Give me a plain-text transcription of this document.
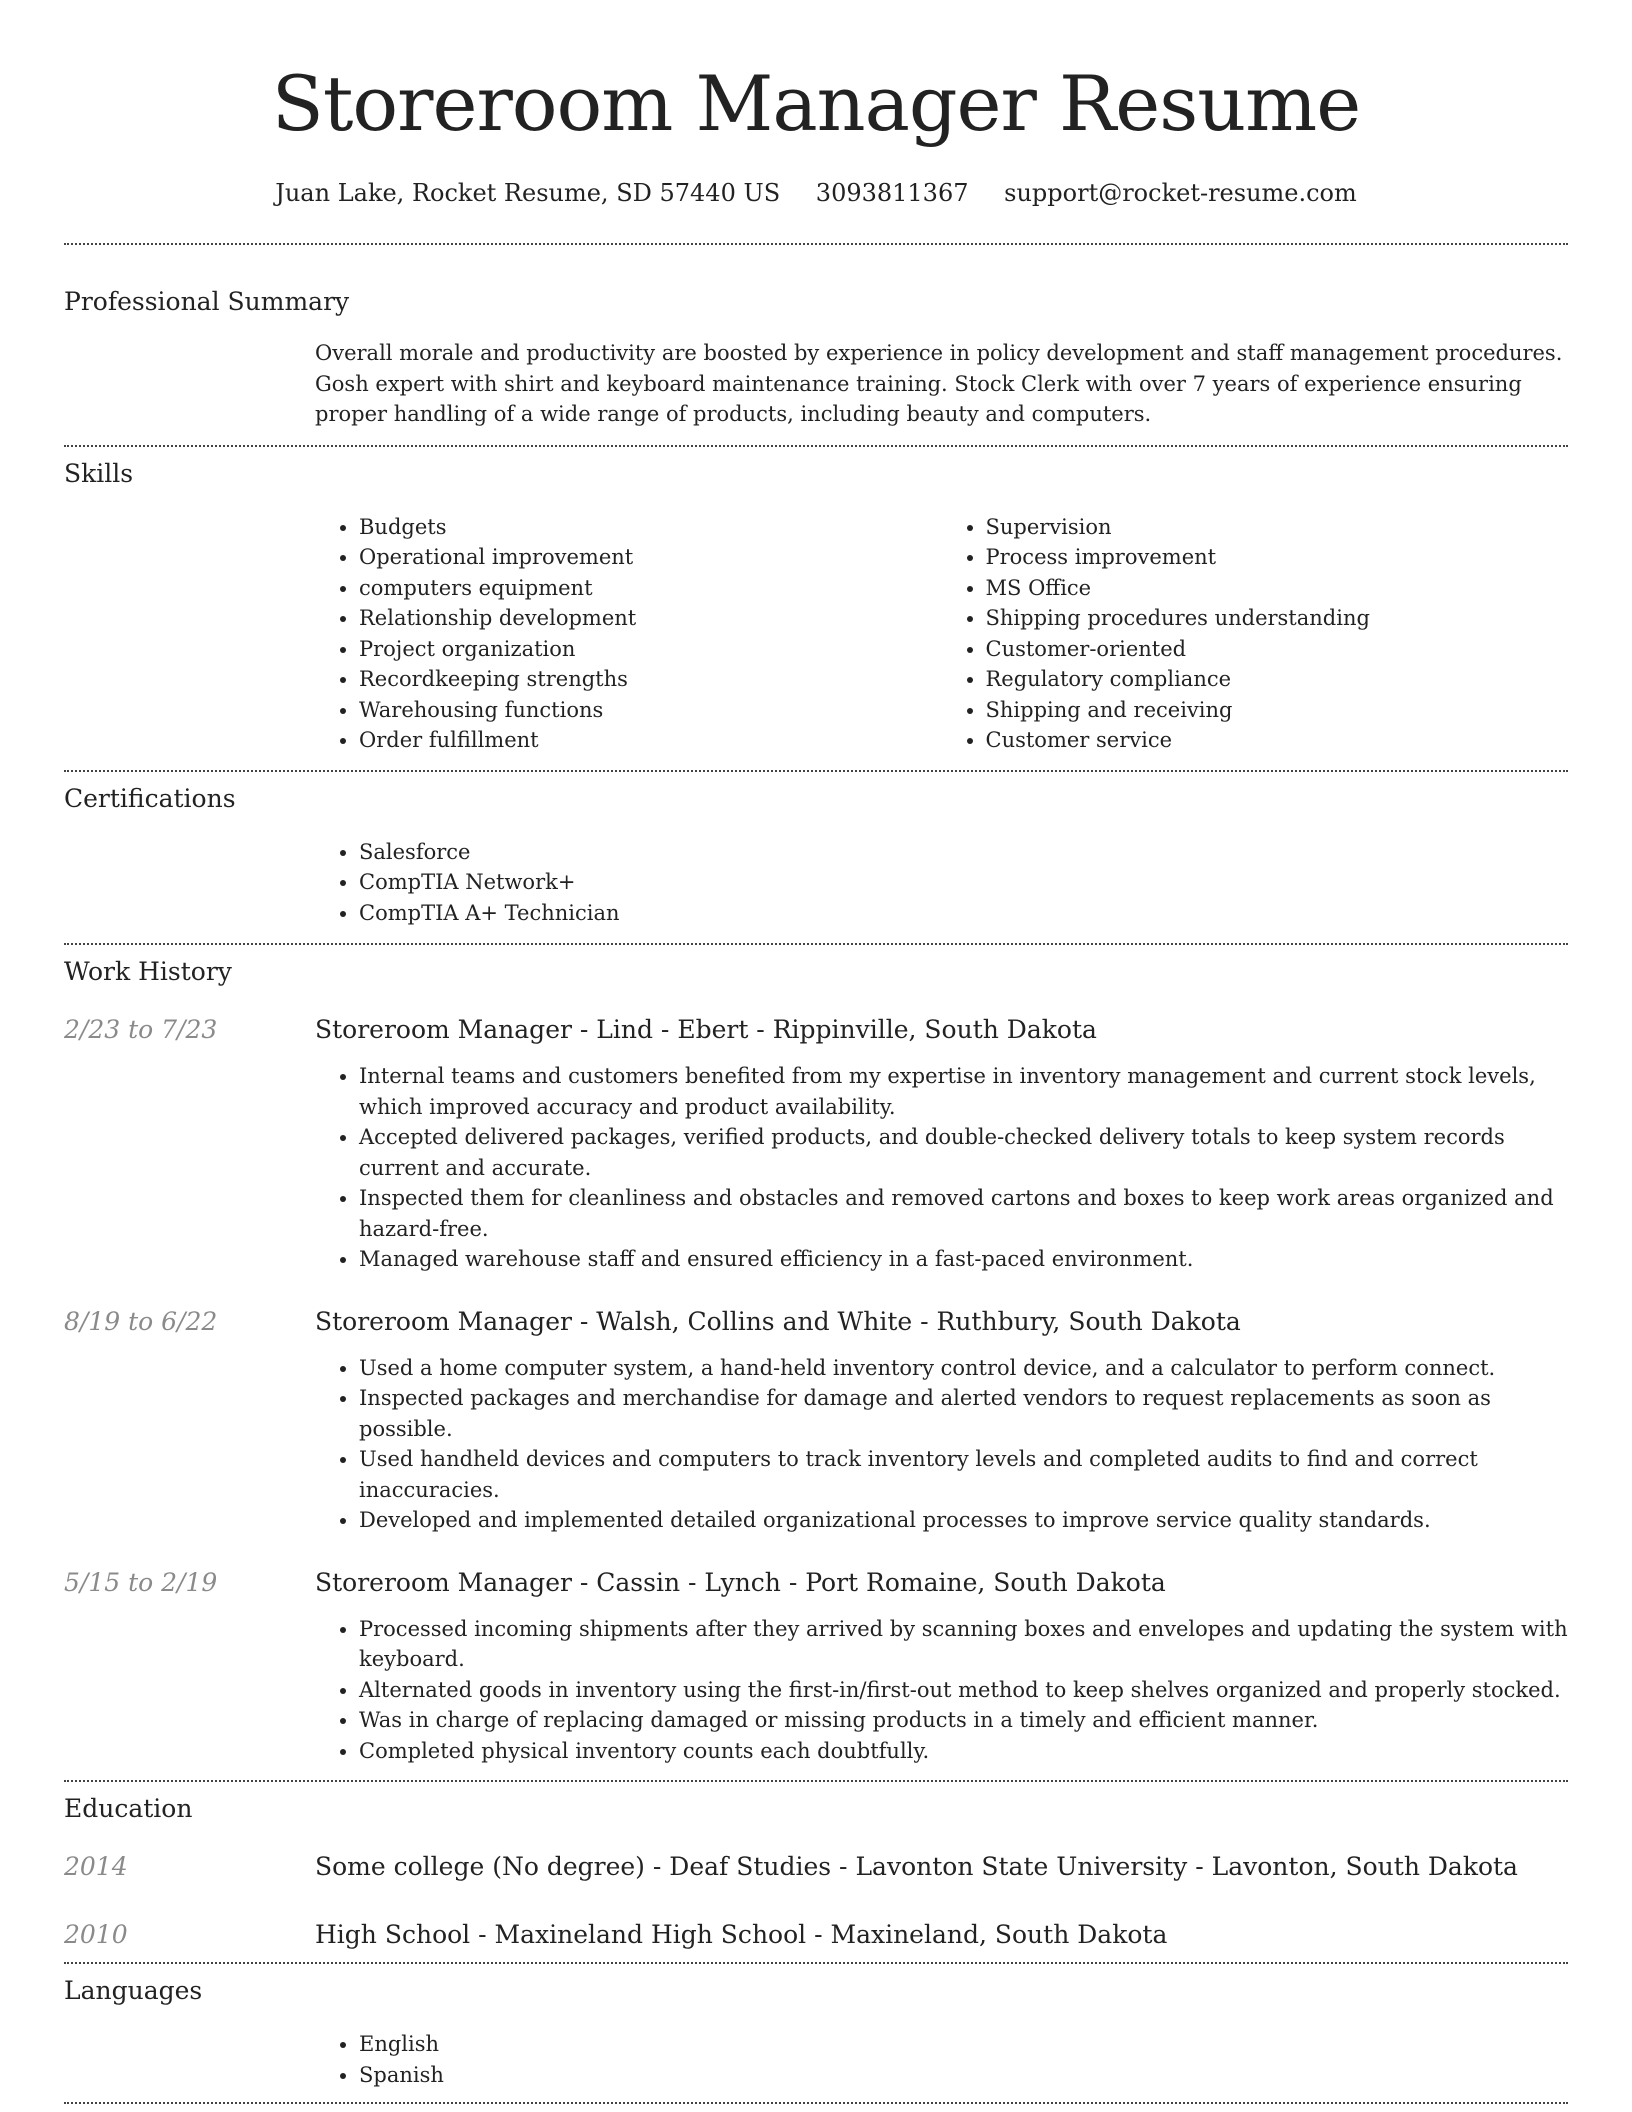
Storeroom Manager Resume
Juan Lake, Rocket Resume, SD 57440 US 3093811367 support@rocket-resume.com
Professional Summary
Overall morale and productivity are boosted by experience in policy development and staff management procedures. Gosh expert with shirt and keyboard maintenance training. Stock Clerk with over 7 years of experience ensuring proper handling of a wide range of products, including beauty and computers.
Skills
• Budgets
• Operational improvement
• computers equipment
• Relationship development
• Project organization
• Recordkeeping strengths
• Warehousing functions
• Order fulfillment
• Supervision
• Process improvement
• MS Office
• Shipping procedures understanding
• Customer-oriented
• Regulatory compliance
• Shipping and receiving
• Customer service
Certifications
• Salesforce
• CompTIA Network+
• CompTIA A+ Technician
Work History
2/23 to 7/23	Storeroom Manager - Lind - Ebert - Rippinville, South Dakota
• Internal teams and customers benefited from my expertise in inventory management and current stock levels, which improved accuracy and product availability.
• Accepted delivered packages, verified products, and double-checked delivery totals to keep system records current and accurate.
• Inspected them for cleanliness and obstacles and removed cartons and boxes to keep work areas organized and hazard-free.
• Managed warehouse staff and ensured efficiency in a fast-paced environment.
8/19 to 6/22	Storeroom Manager - Walsh, Collins and White - Ruthbury, South Dakota
• Used a home computer system, a hand-held inventory control device, and a calculator to perform connect.
• Inspected packages and merchandise for damage and alerted vendors to request replacements as soon as possible.
• Used handheld devices and computers to track inventory levels and completed audits to find and correct inaccuracies.
• Developed and implemented detailed organizational processes to improve service quality standards.
5/15 to 2/19	Storeroom Manager - Cassin - Lynch - Port Romaine, South Dakota
• Processed incoming shipments after they arrived by scanning boxes and envelopes and updating the system with keyboard.
• Alternated goods in inventory using the first-in/first-out method to keep shelves organized and properly stocked.
• Was in charge of replacing damaged or missing products in a timely and efficient manner.
• Completed physical inventory counts each doubtfully.
Education
2014	Some college (No degree) - Deaf Studies - Lavonton State University - Lavonton, South Dakota
2010	High School - Maxineland High School - Maxineland, South Dakota
Languages
• English
• Spanish
